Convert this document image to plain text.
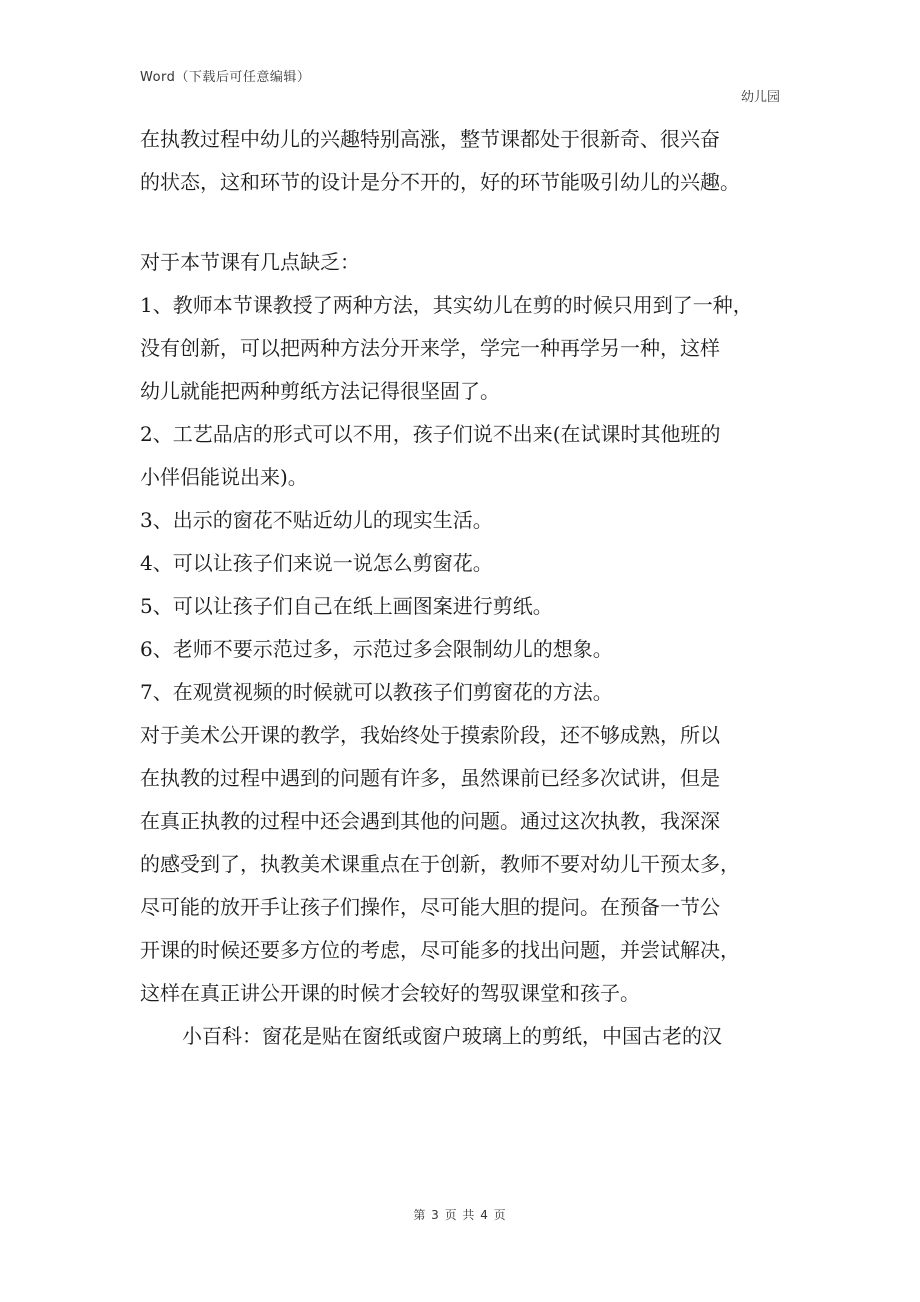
Word（下载后可任意编辑）
幼儿园
在执教过程中幼儿的兴趣特别高涨，整节课都处于很新奇、很兴奋
的状态，这和环节的设计是分不开的，好的环节能吸引幼儿的兴趣。
对于本节课有几点缺乏：
1、教师本节课教授了两种方法，其实幼儿在剪的时候只用到了一种，
没有创新，可以把两种方法分开来学，学完一种再学另一种，这样
幼儿就能把两种剪纸方法记得很坚固了。
2、工艺品店的形式可以不用，孩子们说不出来(在试课时其他班的
小伴侣能说出来)。
3、出示的窗花不贴近幼儿的现实生活。
4、可以让孩子们来说一说怎么剪窗花。
5、可以让孩子们自己在纸上画图案进行剪纸。
6、老师不要示范过多，示范过多会限制幼儿的想象。
7、在观赏视频的时候就可以教孩子们剪窗花的方法。
对于美术公开课的教学，我始终处于摸索阶段，还不够成熟，所以
在执教的过程中遇到的问题有许多，虽然课前已经多次试讲，但是
在真正执教的过程中还会遇到其他的问题。通过这次执教，我深深
的感受到了，执教美术课重点在于创新，教师不要对幼儿干预太多，
尽可能的放开手让孩子们操作，尽可能大胆的提问。在预备一节公
开课的时候还要多方位的考虑，尽可能多的找出问题，并尝试解决，
这样在真正讲公开课的时候才会较好的驾驭课堂和孩子。
小百科：窗花是贴在窗纸或窗户玻璃上的剪纸，中国古老的汉
第 3 页 共 4 页
